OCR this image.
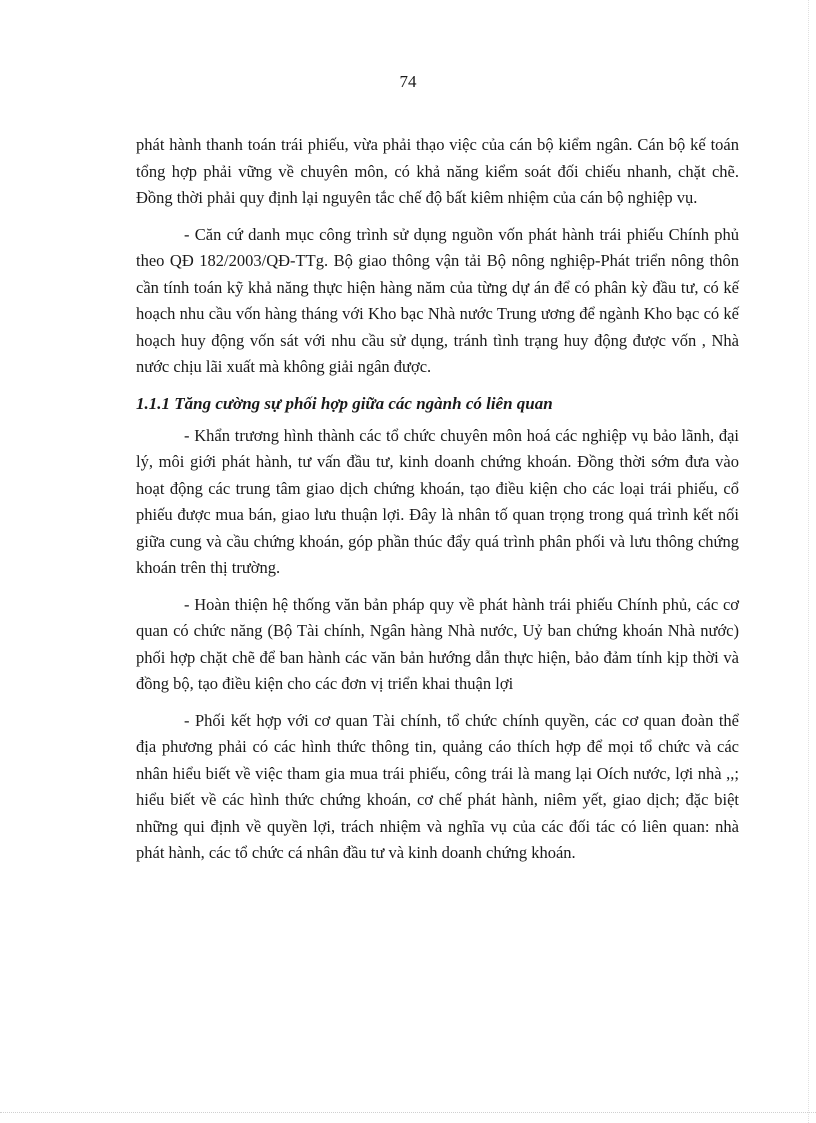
74

phát hành thanh toán trái phiếu, vừa phải thạo việc của cán bộ kiểm ngân. Cán bộ kế toán tổng hợp phải vững về chuyên môn, có khả năng kiểm soát đối chiếu nhanh, chặt chẽ. Đồng thời phải quy định lại nguyên tắc chế độ bất kiêm nhiệm của cán bộ nghiệp vụ.

- Căn cứ danh mục công trình sử dụng nguồn vốn phát hành trái phiếu Chính phủ theo QĐ 182/2003/QĐ-TTg. Bộ giao thông vận tải Bộ nông nghiệp-Phát triển nông thôn cần tính toán kỹ khả năng thực hiện hàng năm của từng dự án để có phân kỳ đầu tư, có kế hoạch nhu cầu vốn hàng tháng với Kho bạc Nhà nước Trung ương để ngành Kho bạc có kế hoạch huy động vốn sát với nhu cầu sử dụng, tránh tình trạng huy động được vốn , Nhà nước chịu lãi xuất mà không giải ngân được.

1.1.1 Tăng cường sự phối hợp giữa các ngành có liên quan

- Khẩn trương hình thành các tổ chức chuyên môn hoá các nghiệp vụ bảo lãnh, đại lý, môi giới phát hành, tư vấn đầu tư, kinh doanh chứng khoán. Đồng thời sớm đưa vào hoạt động các trung tâm giao dịch chứng khoán, tạo điều kiện cho các loại trái phiếu, cổ phiếu được mua bán, giao lưu thuận lợi. Đây là nhân tố quan trọng trong quá trình kết nối giữa cung và cầu chứng khoán, góp phần thúc đẩy quá trình phân phối và lưu thông chứng khoán trên thị trường.

- Hoàn thiện hệ thống văn bản pháp quy về phát hành trái phiếu Chính phủ, các cơ quan có chức năng (Bộ Tài chính, Ngân hàng Nhà nước, Uỷ ban chứng khoán Nhà nước) phối hợp chặt chẽ để ban hành các văn bản hướng dẫn thực hiện, bảo đảm tính kịp thời và đồng bộ, tạo điều kiện cho các đơn vị triển khai thuận lợi

- Phối kết hợp với cơ quan Tài chính, tổ chức chính quyền, các cơ quan đoàn thể địa phương phải có các hình thức thông tin, quảng cáo thích hợp để mọi tổ chức và các nhân hiểu biết về việc tham gia mua trái phiếu, công trái là mang lại Oích nước, lợi nhà ,,; hiểu biết về các hình thức chứng khoán, cơ chế phát hành, niêm yết, giao dịch; đặc biệt những qui định về quyền lợi, trách nhiệm và nghĩa vụ của các đối tác có liên quan: nhà phát hành, các tổ chức cá nhân đầu tư và kinh doanh chứng khoán.
